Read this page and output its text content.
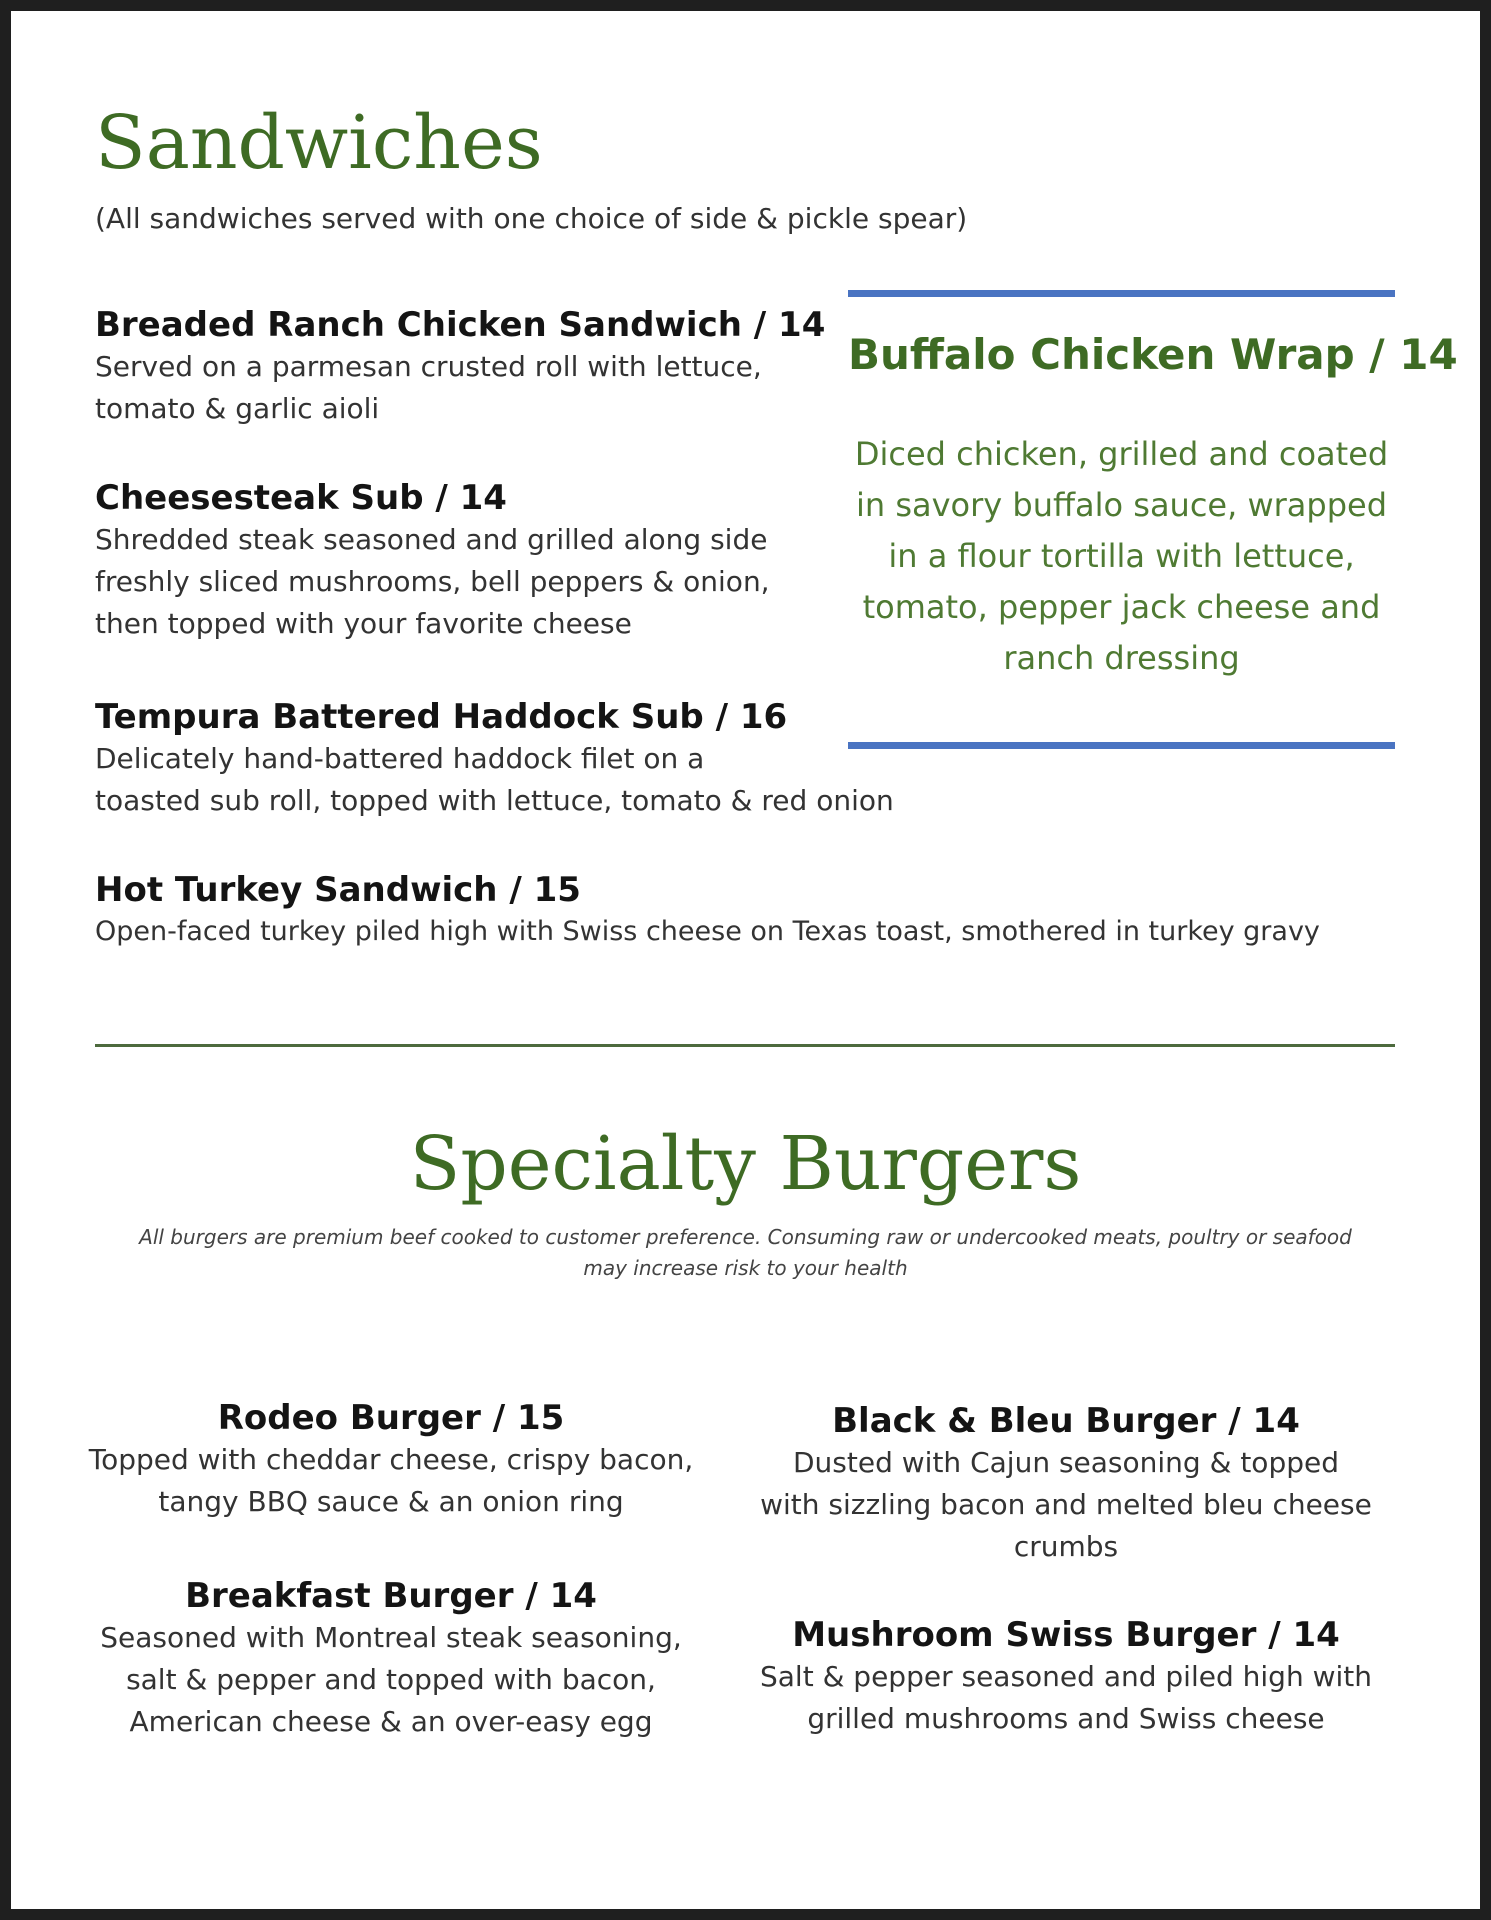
Sandwiches
(All sandwiches served with one choice of side & pickle spear)
Breaded Ranch Chicken Sandwich / 14
Served on a parmesan crusted roll with lettuce,
tomato & garlic aioli
Cheesesteak Sub / 14
Shredded steak seasoned and grilled along side
freshly sliced mushrooms, bell peppers & onion,
then topped with your favorite cheese
Tempura Battered Haddock Sub / 16
Delicately hand-battered haddock filet on a
toasted sub roll, topped with lettuce, tomato & red onion
Hot Turkey Sandwich / 15
Open-faced turkey piled high with Swiss cheese on Texas toast, smothered in turkey gravy
Buffalo Chicken Wrap / 14
Diced chicken, grilled and coated
in savory buffalo sauce, wrapped
in a flour tortilla with lettuce,
tomato, pepper jack cheese and
ranch dressing
Specialty Burgers
All burgers are premium beef cooked to customer preference. Consuming raw or undercooked meats, poultry or seafood
may increase risk to your health
Rodeo Burger / 15
Topped with cheddar cheese, crispy bacon,
tangy BBQ sauce & an onion ring
Black & Bleu Burger / 14
Dusted with Cajun seasoning & topped
with sizzling bacon and melted bleu cheese
crumbs
Breakfast Burger / 14
Seasoned with Montreal steak seasoning,
salt & pepper and topped with bacon,
American cheese & an over-easy egg
Mushroom Swiss Burger / 14
Salt & pepper seasoned and piled high with
grilled mushrooms and Swiss cheese
